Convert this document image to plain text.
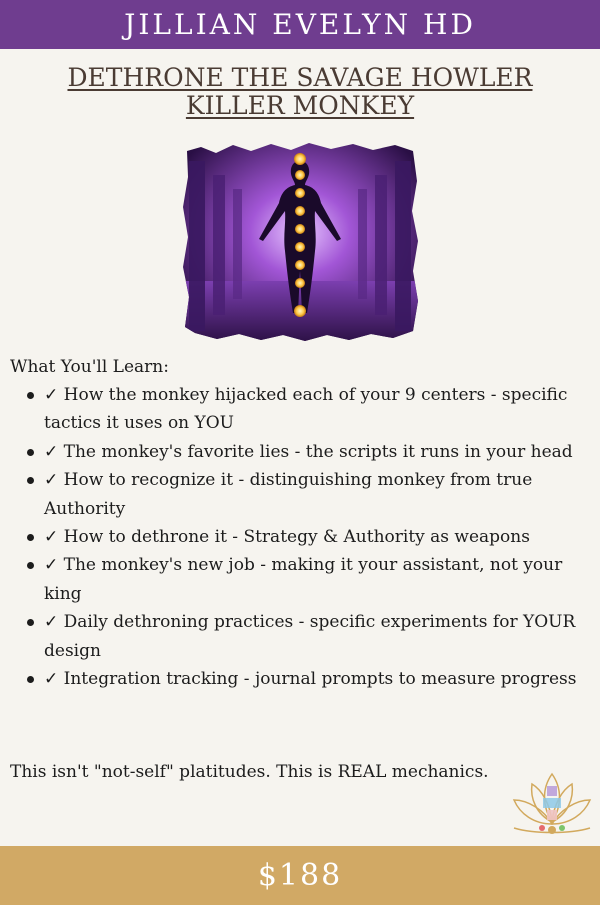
JILLIAN EVELYN HD
DETHRONE THE SAVAGE HOWLER KILLER MONKEY
What You'll Learn:
✓ How the monkey hijacked each of your 9 centers - specific tactics it uses on YOU
✓ The monkey's favorite lies - the scripts it runs in your head
✓ How to recognize it - distinguishing monkey from true Authority
✓ How to dethrone it - Strategy & Authority as weapons
✓ The monkey's new job - making it your assistant, not your king
✓ Daily dethroning practices - specific experiments for YOUR design
✓ Integration tracking - journal prompts to measure progress
This isn't "not-self" platitudes. This is REAL mechanics.
$188
